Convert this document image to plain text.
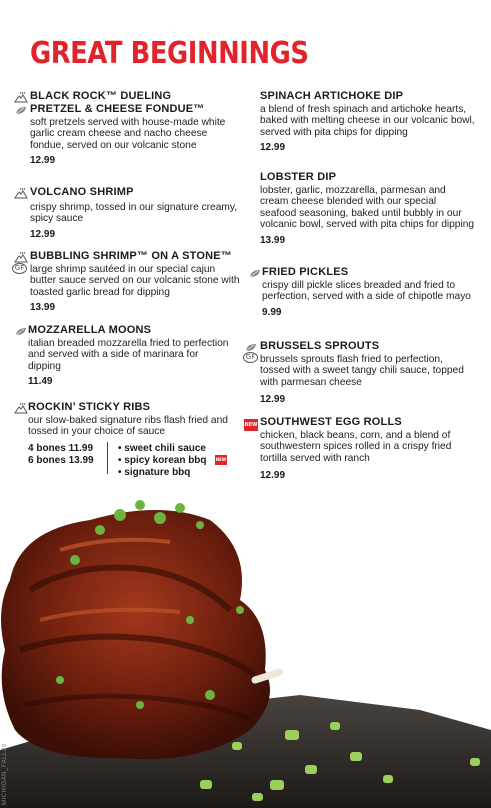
GREAT BEGINNINGS
BLACK ROCK™ DUELING
PRETZEL & CHEESE FONDUE™
soft pretzels served with house-made white garlic cream cheese and nacho cheese fondue, served on our volcanic stone
12.99
VOLCANO SHRIMP
crispy shrimp, tossed in our signature creamy, spicy sauce
12.99
GF
BUBBLING SHRIMP™ ON A STONE™
large shrimp sautéed in our special cajun butter sauce served on our volcanic stone with toasted garlic bread for dipping
13.99
MOZZARELLA MOONS
italian breaded mozzarella fried to perfection and served with a side of marinara for dipping
11.49
ROCKIN’ STICKY RIBS
our slow-baked signature ribs flash fried and tossed in your choice of sauce
4 bones 11.99
6 bones 13.99
• sweet chili sauce
• spicy korean bbq
• signature bbq
NEW
SPINACH ARTICHOKE DIP
a blend of fresh spinach and artichoke hearts, baked with melting cheese in our volcanic bowl, served with pita chips for dipping
12.99
LOBSTER DIP
lobster, garlic, mozzarella, parmesan and cream cheese blended with our special seafood seasoning, baked until bubbly in our volcanic bowl, served with pita chips for dipping
13.99
FRIED PICKLES
crispy dill pickle slices breaded and fried to perfection, served with a side of chipotle mayo
9.99
GF
BRUSSELS SPROUTS
brussels sprouts flash fried to perfection, tossed with a sweet tangy chili sauce, topped with parmesan cheese
12.99
NEW SOUTHWEST EGG ROLLS
chicken, black beans, corn, and a blend of southwestern spices rolled in a crispy fried tortilla served with ranch
12.99
MICHIGAN_FALL23
